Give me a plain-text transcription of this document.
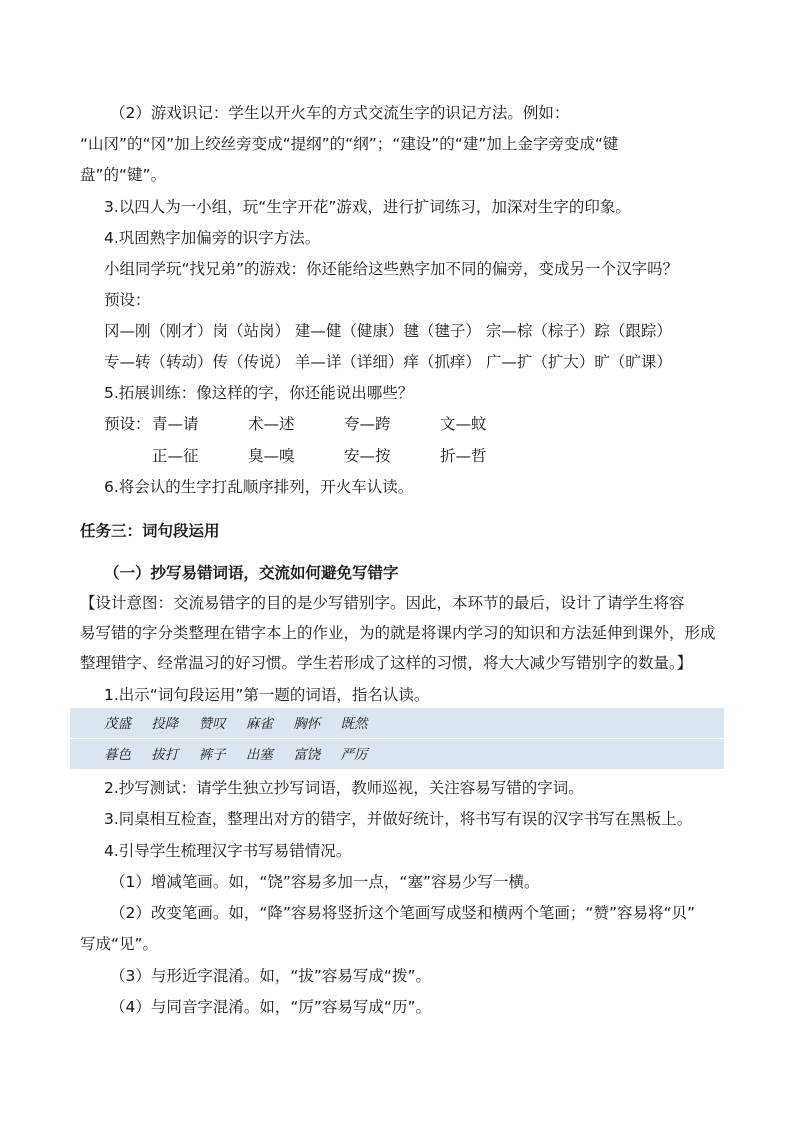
（2）游戏识记：学生以开火车的方式交流生字的识记方法。例如：
“山冈”的“冈”加上绞丝旁变成“提纲”的“纲”；“建设”的“建”加上金字旁变成“键
盘”的“键”。
3.以四人为一小组，玩“生字开花”游戏，进行扩词练习，加深对生字的印象。
4.巩固熟字加偏旁的识字方法。
小组同学玩“找兄弟”的游戏：你还能给这些熟字加不同的偏旁，变成另一个汉字吗？
预设：
冈—刚（刚才）岗（站岗） 建—健（健康）毽（毽子） 宗—棕（棕子）踪（跟踪）
专—转（转动）传（传说） 羊—详（详细）痒（抓痒） 广—扩（扩大）旷（旷课）
5.拓展训练：像这样的字，你还能说出哪些？
预设： 青—请	术—述	夸—跨	文—蚊
正—征	臭—嗅	安—按	折—哲
6.将会认的生字打乱顺序排列，开火车认读。
任务三：词句段运用
（一）抄写易错词语，交流如何避免写错字
【设计意图：交流易错字的目的是少写错别字。因此，本环节的最后，设计了请学生将容
易写错的字分类整理在错字本上的作业，为的就是将课内学习的知识和方法延伸到课外，形成
整理错字、经常温习的好习惯。学生若形成了这样的习惯，将大大减少写错别字的数量。】
1.出示“词句段运用”第一题的词语，指名认读。
茂盛 投降 赞叹 麻雀 胸怀 既然
暮色 拔打 裤子 出塞 富饶 严厉
2.抄写测试：请学生独立抄写词语，教师巡视，关注容易写错的字词。
3.同桌相互检查，整理出对方的错字，并做好统计，将书写有误的汉字书写在黑板上。
4.引导学生梳理汉字书写易错情况。
（1）增减笔画。如，“饶”容易多加一点，“塞”容易少写一横。
（2）改变笔画。如，“降”容易将竖折这个笔画写成竖和横两个笔画；“赞”容易将“贝”
写成“见”。
（3）与形近字混淆。如，“拔”容易写成“拨”。
（4）与同音字混淆。如，“厉”容易写成“历”。
